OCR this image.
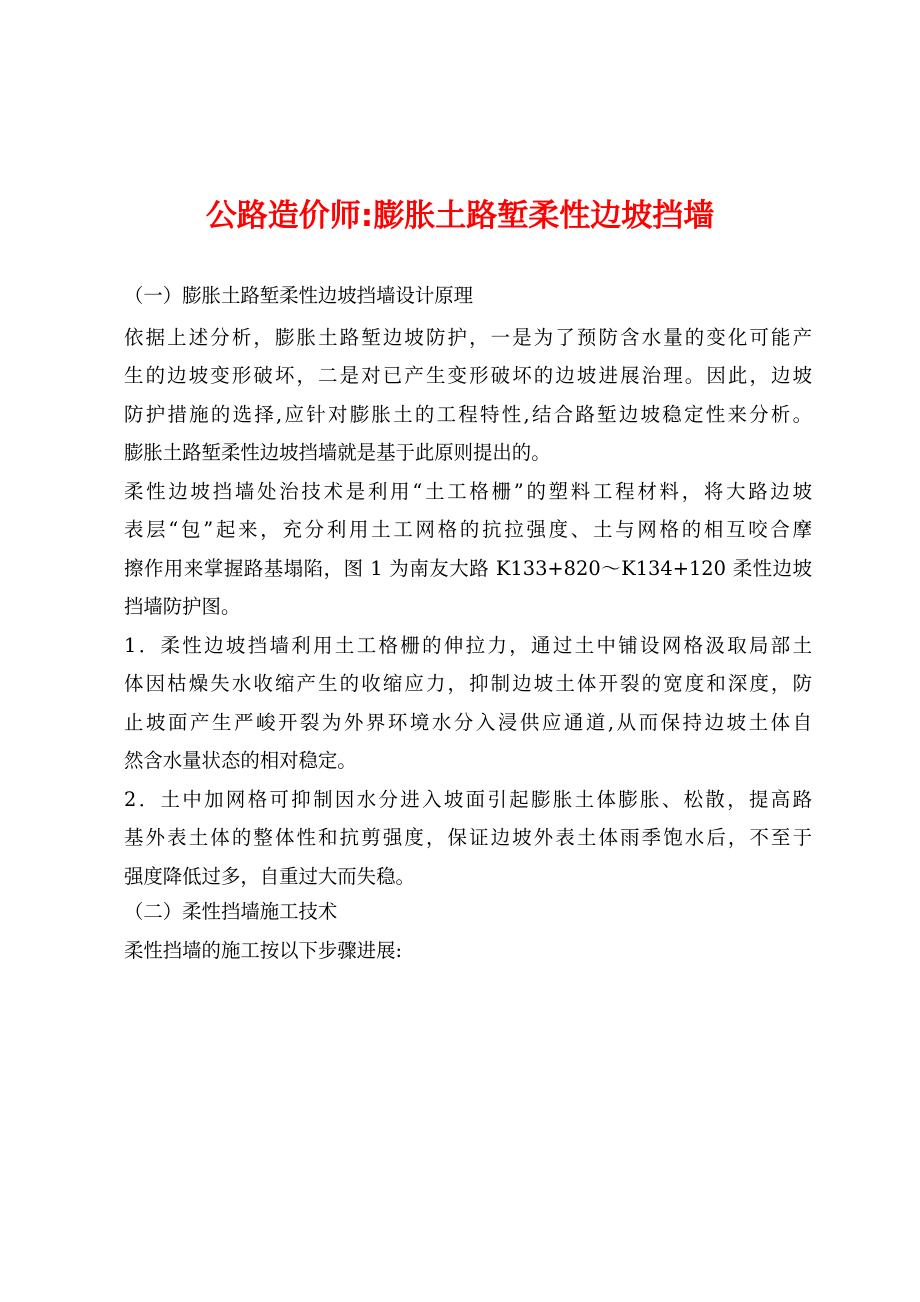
公路造价师:膨胀土路堑柔性边坡挡墙
（一）膨胀土路堑柔性边坡挡墙设计原理

依据上述分析，膨胀土路堑边坡防护，一是为了预防含水量的变化可能产
生的边坡变形破坏，二是对已产生变形破坏的边坡进展治理。因此，边坡
防护措施的选择,应针对膨胀土的工程特性,结合路堑边坡稳定性来分析。
膨胀土路堑柔性边坡挡墙就是基于此原则提出的。

柔性边坡挡墙处治技术是利用“土工格栅”的塑料工程材料，将大路边坡
表层“包”起来，充分利用土工网格的抗拉强度、土与网格的相互咬合摩
擦作用来掌握路基塌陷，图 1 为南友大路 K133+820～K134+120 柔性边坡
挡墙防护图。

1．柔性边坡挡墙利用土工格栅的伸拉力，通过土中铺设网格汲取局部土
体因枯燥失水收缩产生的收缩应力，抑制边坡土体开裂的宽度和深度，防
止坡面产生严峻开裂为外界环境水分入浸供应通道,从而保持边坡土体自
然含水量状态的相对稳定。

2．土中加网格可抑制因水分进入坡面引起膨胀土体膨胀、松散，提高路
基外表土体的整体性和抗剪强度，保证边坡外表土体雨季饱水后，不至于
强度降低过多，自重过大而失稳。

（二）柔性挡墙施工技术
柔性挡墙的施工按以下步骤进展:
